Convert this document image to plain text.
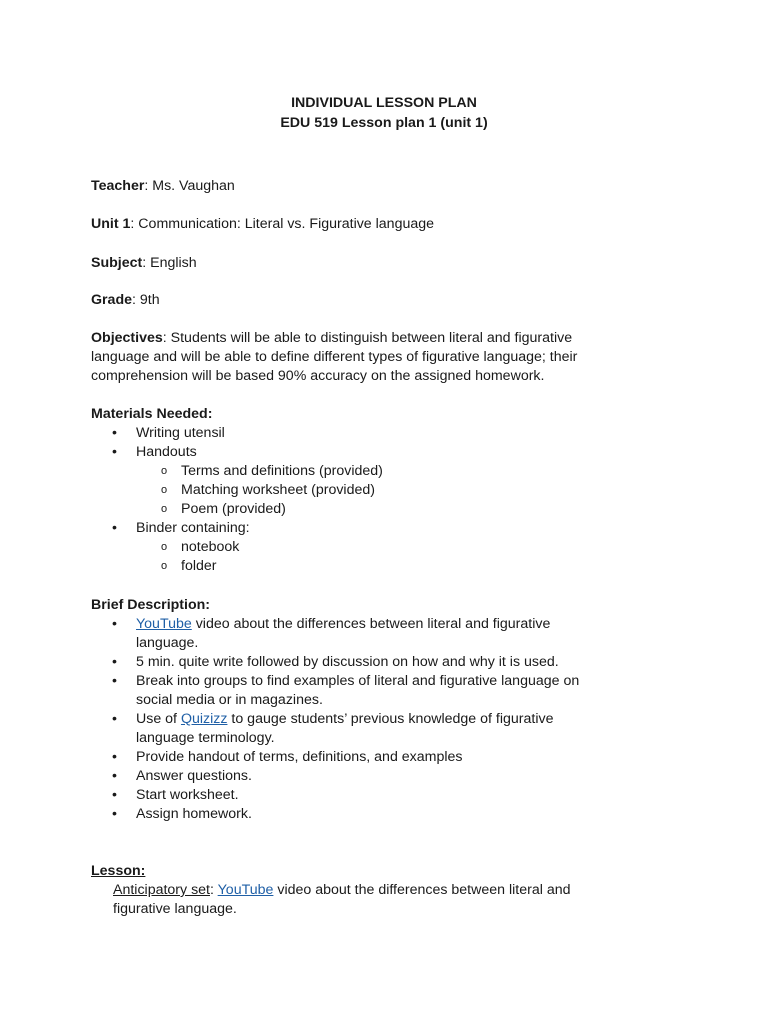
INDIVIDUAL LESSON PLAN
EDU 519 Lesson plan 1 (unit 1)
Teacher: Ms. Vaughan
Unit 1: Communication: Literal vs. Figurative language
Subject: English
Grade: 9th
Objectives: Students will be able to distinguish between literal and figurative
language and will be able to define different types of figurative language; their
comprehension will be based 90% accuracy on the assigned homework.
Materials Needed:
• Writing utensil
• Handouts
o Terms and definitions (provided)
o Matching worksheet (provided)
o Poem (provided)
• Binder containing:
o notebook
o folder
Brief Description:
• YouTube video about the differences between literal and figurative
language.
• 5 min. quite write followed by discussion on how and why it is used.
• Break into groups to find examples of literal and figurative language on
social media or in magazines.
• Use of Quizizz to gauge students’ previous knowledge of figurative
language terminology.
• Provide handout of terms, definitions, and examples
• Answer questions.
• Start worksheet.
• Assign homework.
Lesson:
Anticipatory set: YouTube video about the differences between literal and
figurative language.
